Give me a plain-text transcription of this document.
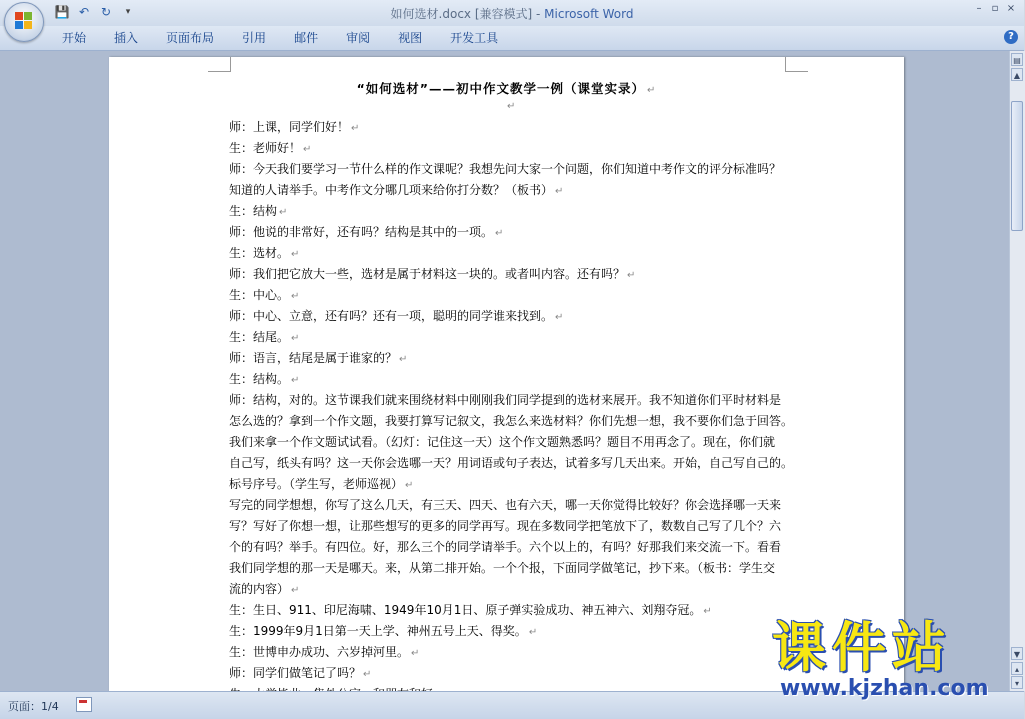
💾 ↶ ↻	▾	如何选材.docx [兼容模式] - Microsoft Word	–	▫ ×
开始	插入	页面布局	引用	邮件	审阅	视图	开发工具	?
“如何选材”——初中作文教学一例（课堂实录） ↵
↵
师：上课，同学们好！ ↵
生：老师好！ ↵
师：今天我们要学习一节什么样的作文课呢？我想先问大家一个问题，你们知道中考作文的评分标准吗？
知道的人请举手。中考作文分哪几项来给你打分数？（板书） ↵
生：结构 ↵
师：他说的非常好，还有吗？结构是其中的一项。 ↵
生：选材。 ↵
师：我们把它放大一些，选材是属于材料这一块的。或者叫内容。还有吗？ ↵
生：中心。 ↵
师：中心、立意，还有吗？还有一项，聪明的同学谁来找到。 ↵
生：结尾。 ↵
师：语言，结尾是属于谁家的？ ↵
生：结构。 ↵
师：结构，对的。这节课我们就来围绕材料中刚刚我们同学提到的选材来展开。我不知道你们平时材料是
怎么选的？拿到一个作文题，我要打算写记叙文，我怎么来选材料？你们先想一想，我不要你们急于回答。
我们来拿一个作文题试试看。（幻灯：记住这一天）这个作文题熟悉吗？题目不用再念了。现在，你们就
自己写，纸头有吗？这一天你会选哪一天？用词语或句子表达，试着多写几天出来。开始，自己写自己的。
标号序号。（学生写，老师巡视） ↵
写完的同学想想，你写了这么几天，有三天、四天、也有六天，哪一天你觉得比较好？你会选择哪一天来
写？写好了你想一想，让那些想写的更多的同学再写。现在多数同学把笔放下了，数数自己写了几个？六
个的有吗？举手。有四位。好，那么三个的同学请举手。六个以上的，有吗？好那我们来交流一下。看看
我们同学想的那一天是哪天。来，从第二排开始。一个个报，下面同学做笔记，抄下来。（板书：学生交
流的内容） ↵
生：生日、911、印尼海啸、1949年10月1日、原子弹实验成功、神五神六、刘翔夺冠。 ↵
生：1999年9月1日第一天上学、神州五号上天、得奖。 ↵
生：世博申办成功、六岁掉河里。 ↵
师：同学们做笔记了吗？ ↵
▤
▲
▼
▴
▾
页面：1/4
课件站
www.kjzhan.com
